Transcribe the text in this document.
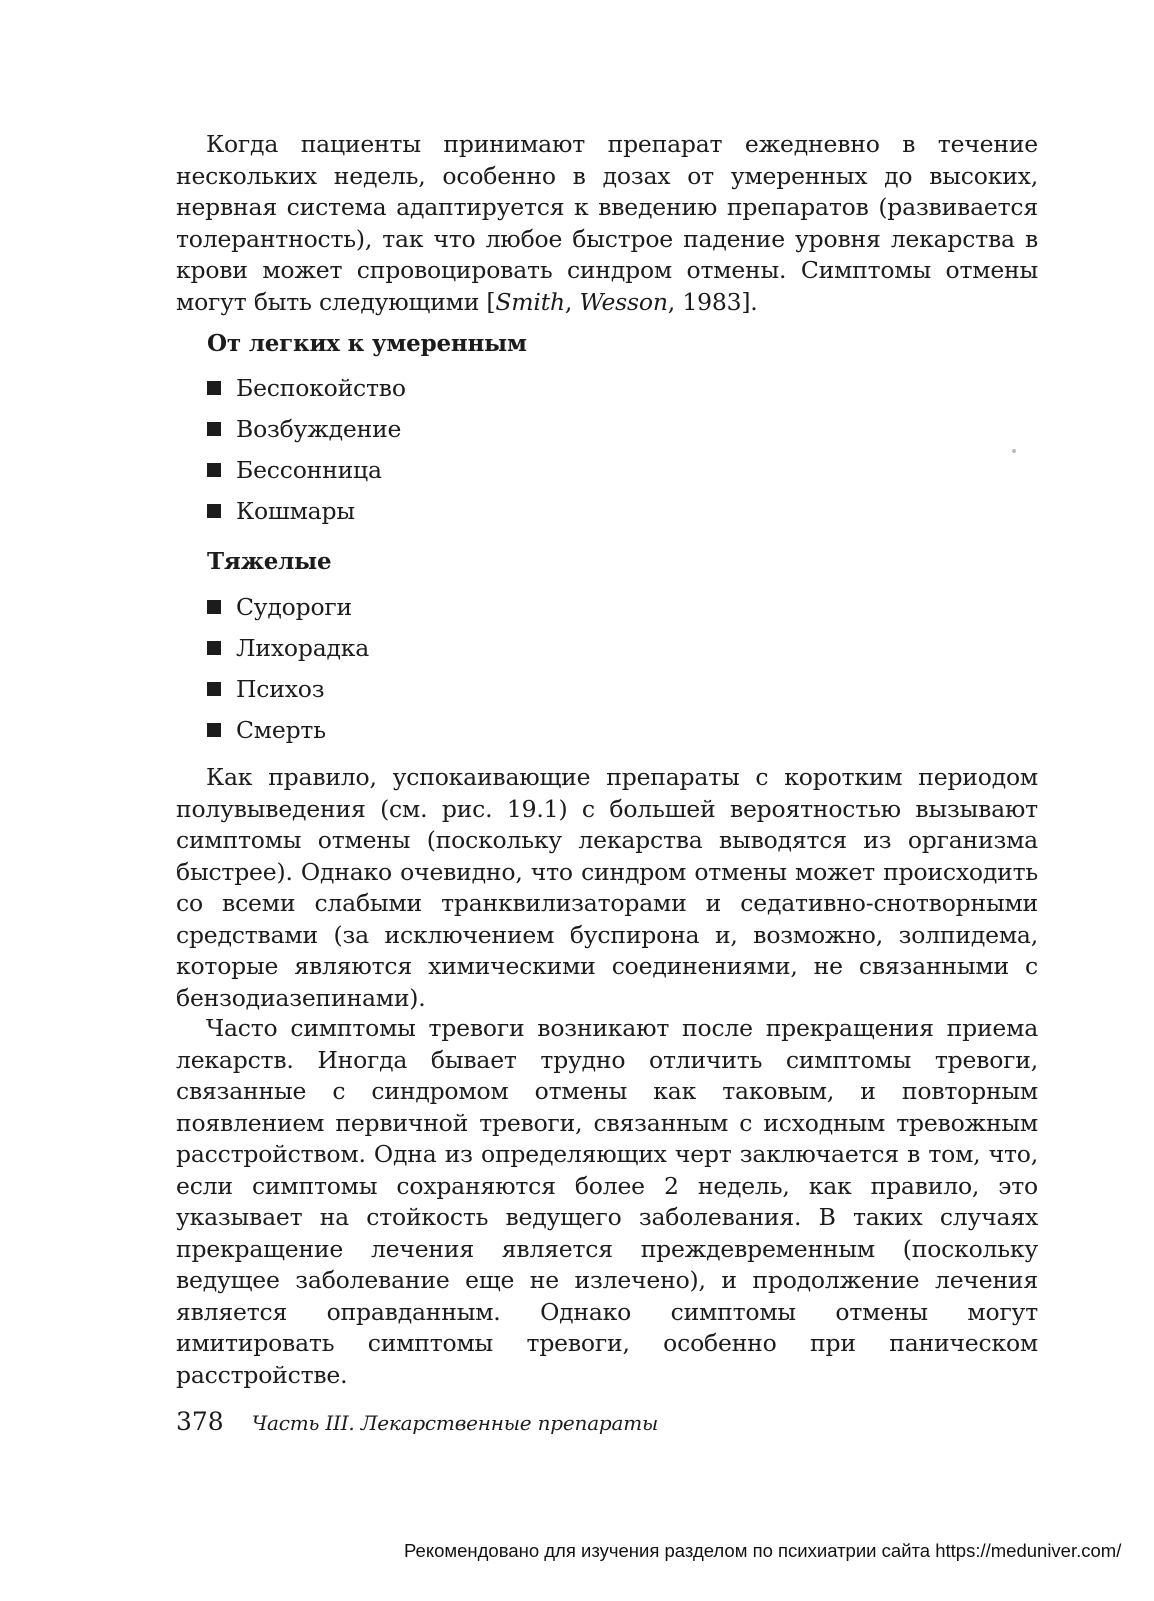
Когда пациенты принимают препарат ежедневно в течение нескольких недель, особенно в дозах от умеренных до высоких, нервная система адаптируется к введению препаратов (развивается толерантность), так что любое быстрое падение уровня лекарства в крови может спровоцировать синдром отмены. Симптомы отмены могут быть следующими [Smith, Wesson, 1983].
От легких к умеренным
Беспокойство
Возбуждение
Бессонница
Кошмары
Тяжелые
Судороги
Лихорадка
Психоз
Смерть
Как правило, успокаивающие препараты с коротким периодом полувыведения (см. рис. 19.1) с большей вероятностью вызывают симптомы отмены (поскольку лекарства выводятся из организма быстрее). Однако очевидно, что синдром отмены может происходить со всеми слабыми транквилизаторами и седативно-снотворными средствами (за исключением буспирона и, возможно, золпидема, которые являются химическими соединениями, не связанными с бензодиазепинами).
Часто симптомы тревоги возникают после прекращения приема лекарств. Иногда бывает трудно отличить симптомы тревоги, связанные с синдромом отмены как таковым, и повторным появлением первичной тревоги, связанным с исходным тревожным расстройством. Одна из определяющих черт заключается в том, что, если симптомы сохраняются более 2 недель, как правило, это указывает на стойкость ведущего заболевания. В таких случаях прекращение лечения является преждевременным (поскольку ведущее заболевание еще не излечено), и продолжение лечения является оправданным. Однако симптомы отмены могут имитировать симптомы тревоги, особенно при паническом расстройстве.
378 Часть III. Лекарственные препараты
Рекомендовано для изучения разделом по психиатрии сайта https://meduniver.com/
